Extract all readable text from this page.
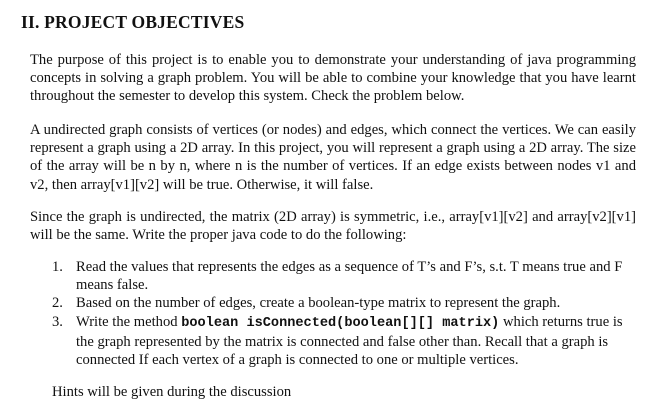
II. PROJECT OBJECTIVES

The purpose of this project is to enable you to demonstrate your understanding of java programming concepts in solving a graph problem. You will be able to combine your knowledge that you have learnt throughout the semester to develop this system. Check the problem below.

A undirected graph consists of vertices (or nodes) and edges, which connect the vertices. We can easily represent a graph using a 2D array. In this project, you will represent a graph using a 2D array. The size of the array will be n by n, where n is the number of vertices. If an edge exists between nodes v1 and v2, then array[v1][v2] will be true. Otherwise, it will false.

Since the graph is undirected, the matrix (2D array) is symmetric, i.e., array[v1][v2] and array[v2][v1] will be the same. Write the proper java code to do the following:

1. Read the values that represents the edges as a sequence of T’s and F’s, s.t. T means true and F means false.
2. Based on the number of edges, create a boolean-type matrix to represent the graph.
3. Write the method boolean isConnected(boolean[][] matrix) which returns true is the graph represented by the matrix is connected and false other than. Recall that a graph is connected If each vertex of a graph is connected to one or multiple vertices.
Hints will be given during the discussion
